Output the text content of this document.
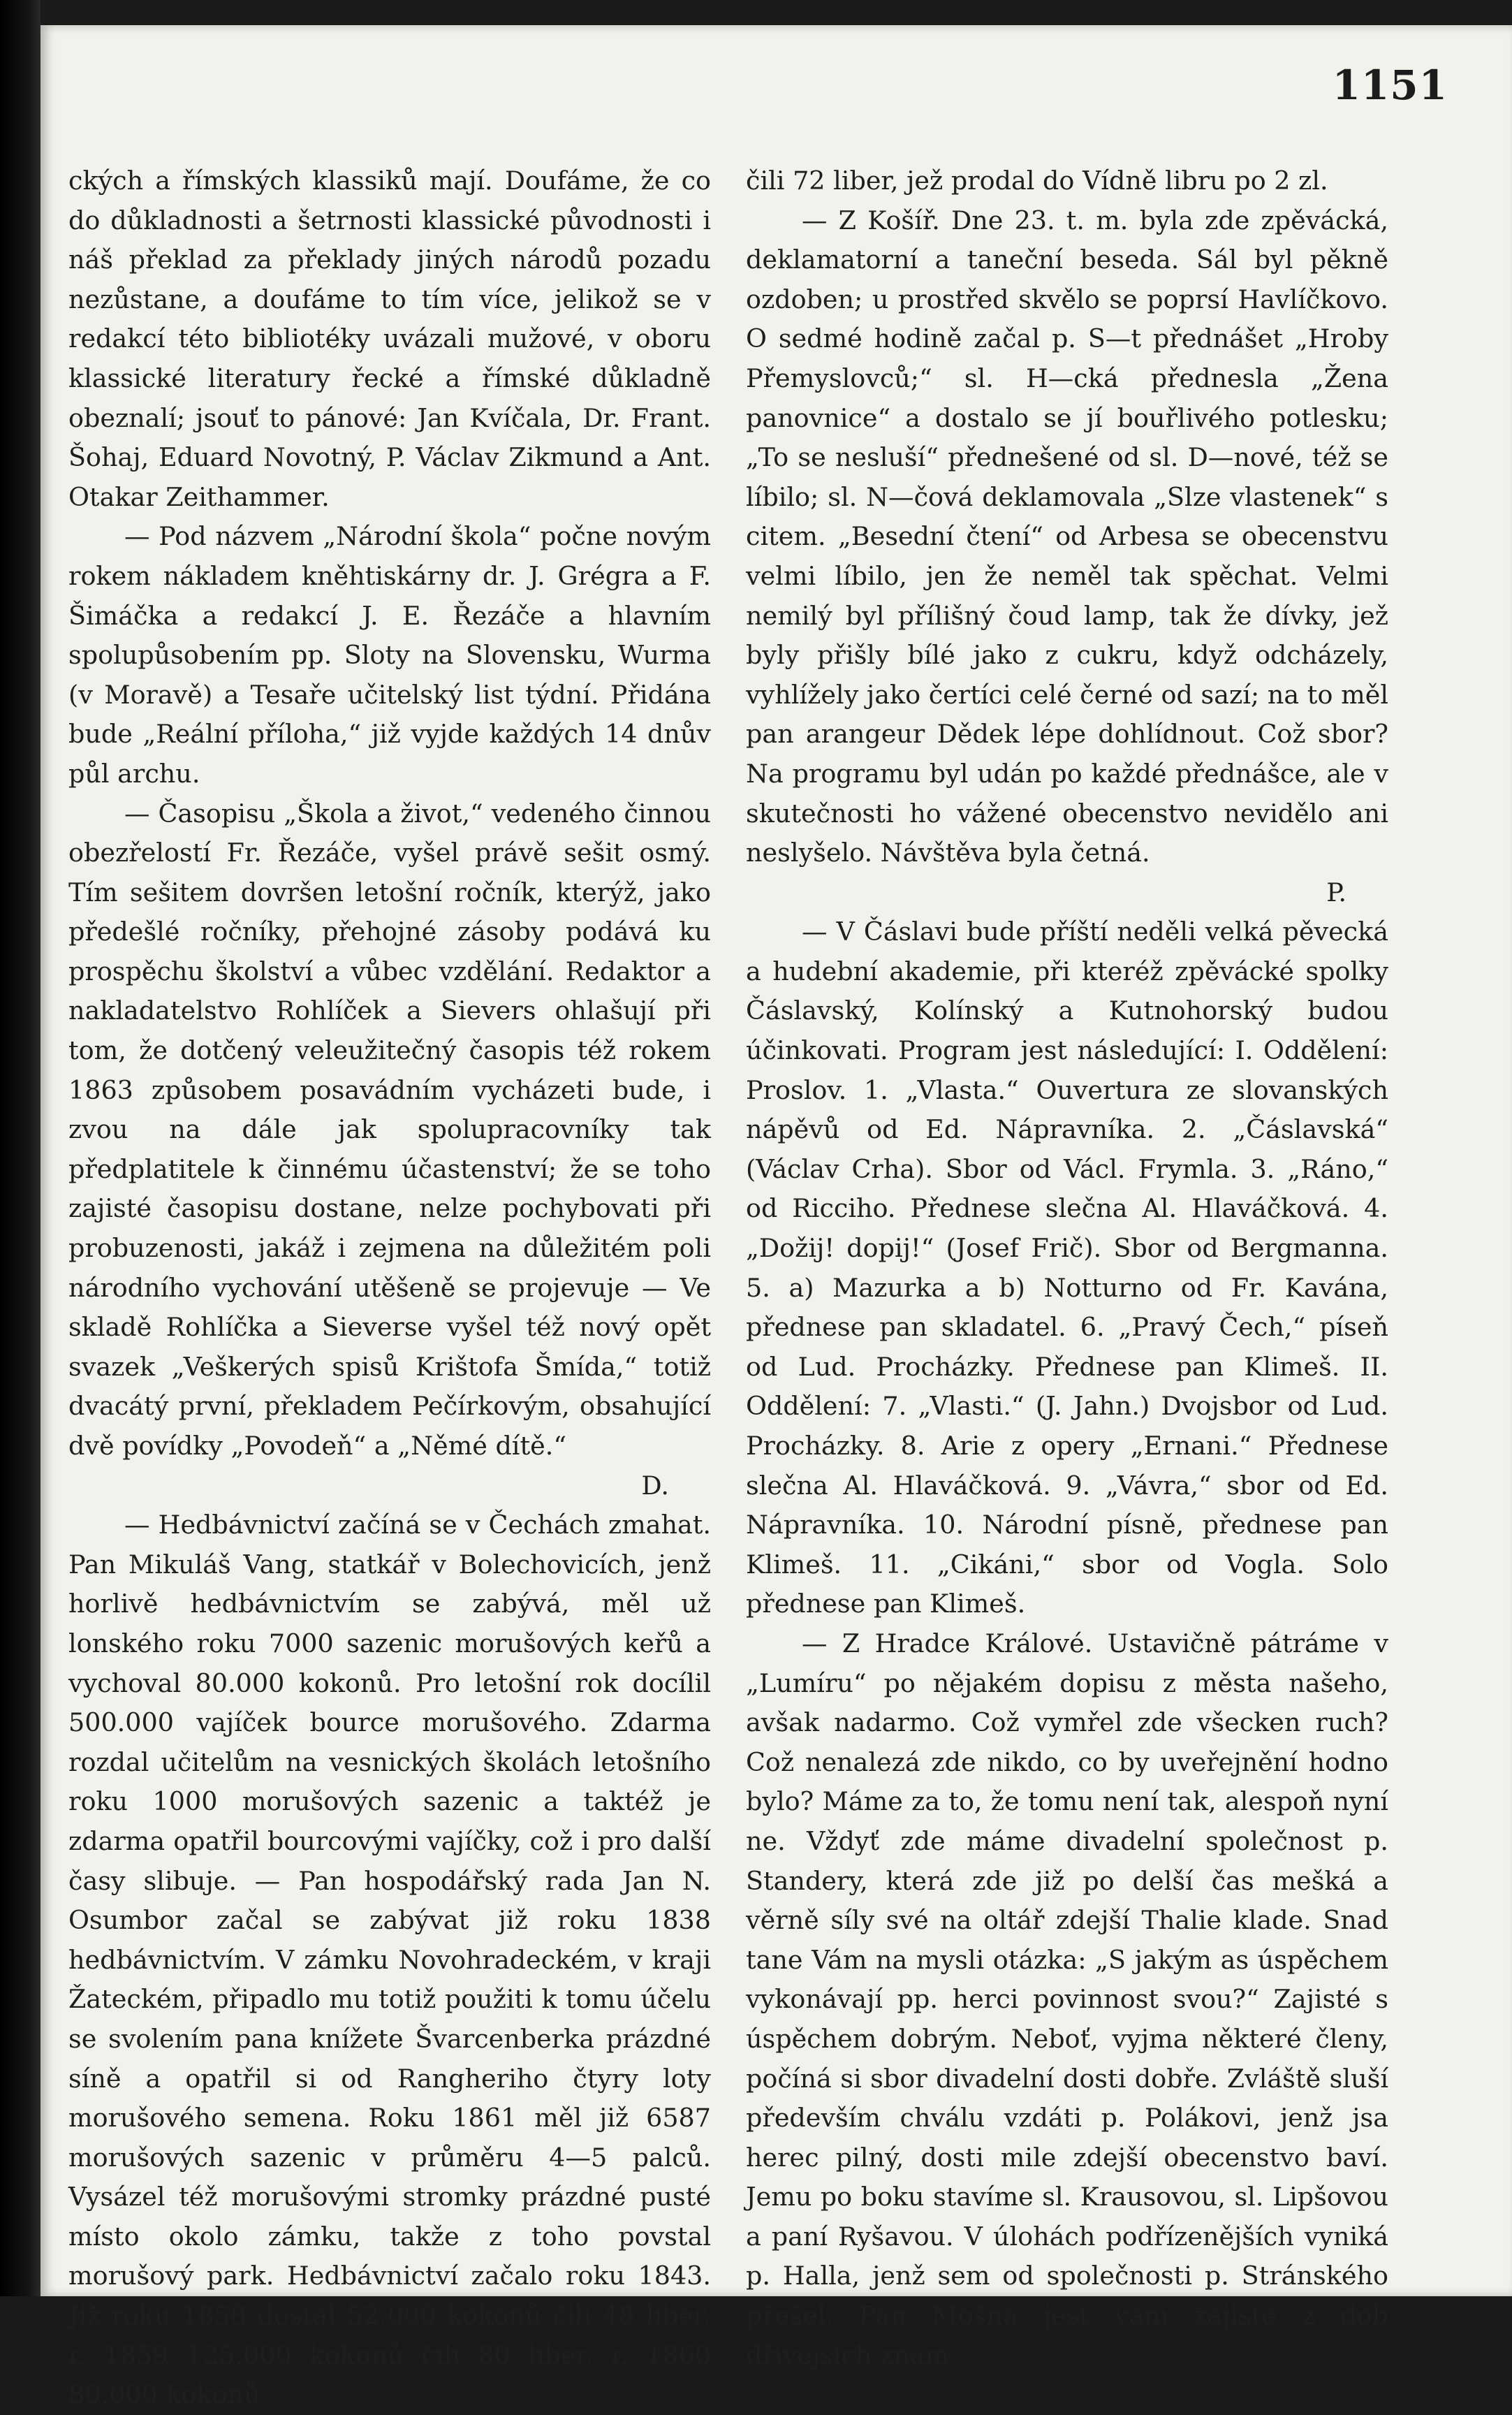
1151

ckých a římských klassiků mají. Doufáme, že co do důkladnosti a šetrnosti klassické původnosti i náš překlad za překlady jiných národů pozadu nezůstane, a doufáme to tím více, jelikož se v redakcí této bibliotéky uvázali mužové, v oboru klassické literatury řecké a římské důkladně obeznalí; jsouť to pánové: Jan Kvíčala, Dr. Frant. Šohaj, Eduard Novotný, P. Václav Zikmund a Ant. Otakar Zeithammer.

— Pod názvem „Národní škola“ počne novým rokem nákladem kněhtiskárny dr. J. Grégra a F. Šimáčka a redakcí J. E. Řezáče a hlavním spolupůsobením pp. Sloty na Slovensku, Wurma (v Moravě) a Tesaře učitelský list týdní. Přidána bude „Reální příloha,“ již vyjde každých 14 dnův půl archu.

— Časopisu „Škola a život,“ vedeného činnou obezřelostí Fr. Řezáče, vyšel právě sešit osmý. Tím sešitem dovršen letošní ročník, kterýž, jako předešlé ročníky, přehojné zásoby podává ku prospěchu školství a vůbec vzdělání. Redaktor a nakladatelstvo Rohlíček a Sievers ohlašují při tom, že dotčený veleužitečný časopis též rokem 1863 způsobem posavádním vycházeti bude, i zvou na dále jak spolupracovníky tak předplatitele k činnému účastenství; že se toho zajisté časopisu dostane, nelze pochybovati při probuzenosti, jakáž i zejmena na důležitém poli národního vychování utěšeně se projevuje — Ve skladě Rohlíčka a Sieverse vyšel též nový opět svazek „Veškerých spisů Krištofa Šmída,“ totiž dvacátý první, překladem Pečírkovým, obsahující dvě povídky „Povodeň“ a „Němé dítě.“

D.

— Hedbávnictví začíná se v Čechách zmahat. Pan Mikuláš Vang, statkář v Bolechovicích, jenž horlivě hedbávnictvím se zabývá, měl už lonského roku 7000 sazenic morušových keřů a vychoval 80.000 kokonů. Pro letošní rok docílil 500.000 vajíček bource morušového. Zdarma rozdal učitelům na vesnických školách letošního roku 1000 morušových sazenic a taktéž je zdarma opatřil bourcovými vajíčky, což i pro další časy slibuje. — Pan hospodářský rada Jan N. Osumbor začal se zabývat již roku 1838 hedbávnictvím. V zámku Novohradeckém, v kraji Žateckém, připadlo mu totiž použiti k tomu účelu se svolením pana knížete Švarcenberka prázdné síně a opatřil si od Rangheriho čtyry loty morušového semena. Roku 1861 měl již 6587 morušových sazenic v průměru 4—5 palců. Vysázel též morušovými stromky prázdné pusté místo okolo zámku, takže z toho povstal morušový park. Hedbávnictví začalo roku 1843. Již roku 1858 dostal 52.000 kokonů čili 48 liber, r. 1859 125.000 kokonů čili 80 liber, r. 1860 80.000 kokonů

čili 72 liber, jež prodal do Vídně libru po 2 zl.

— Z Košíř. Dne 23. t. m. byla zde zpěvácká, deklamatorní a taneční beseda. Sál byl pěkně ozdoben; u prostřed skvělo se poprsí Havlíčkovo. O sedmé hodině začal p. S—t přednášet „Hroby Přemyslovců;“ sl. H—cká přednesla „Žena panovnice“ a dostalo se jí bouřlivého potlesku; „To se nesluší“ přednešené od sl. D—nové, též se líbilo; sl. N—čová deklamovala „Slze vlastenek“ s citem. „Besední čtení“ od Arbesa se obecenstvu velmi líbilo, jen že neměl tak spěchat. Velmi nemilý byl přílišný čoud lamp, tak že dívky, jež byly přišly bílé jako z cukru, když odcházely, vyhlížely jako čertíci celé černé od sazí; na to měl pan arangeur Dědek lépe dohlídnout. Což sbor? Na programu byl udán po každé přednášce, ale v skutečnosti ho vážené obecenstvo nevidělo ani neslyšelo. Návštěva byla četná.

P.

— V Čáslavi bude příští neděli velká pěvecká a hudební akademie, při kteréž zpěvácké spolky Čáslavský, Kolínský a Kutnohorský budou účinkovati. Program jest následující: I. Oddělení: Proslov. 1. „Vlasta.“ Ouvertura ze slovanských nápěvů od Ed. Nápravníka. 2. „Čáslavská“ (Václav Crha). Sbor od Václ. Frymla. 3. „Ráno,“ od Ricciho. Přednese slečna Al. Hlaváčková. 4. „Dožij! dopij!“ (Josef Frič). Sbor od Bergmanna. 5. a) Mazurka a b) Notturno od Fr. Kavána, přednese pan skladatel. 6. „Pravý Čech,“ píseň od Lud. Procházky. Přednese pan Klimeš. II. Oddělení: 7. „Vlasti.“ (J. Jahn.) Dvojsbor od Lud. Procházky. 8. Arie z opery „Ernani.“ Přednese slečna Al. Hlaváčková. 9. „Vávra,“ sbor od Ed. Nápravníka. 10. Národní písně, přednese pan Klimeš. 11. „Cikáni,“ sbor od Vogla. Solo přednese pan Klimeš.

— Z Hradce Králové. Ustavičně pátráme v „Lumíru“ po nějakém dopisu z města našeho, avšak nadarmo. Což vymřel zde všecken ruch? Což nenalezá zde nikdo, co by uveřejnění hodno bylo? Máme za to, že tomu není tak, alespoň nyní ne. Vždyť zde máme divadelní společnost p. Standery, která zde již po delší čas mešká a věrně síly své na oltář zdejší Thalie klade. Snad tane Vám na mysli otázka: „S jakým as úspěchem vykonávají pp. herci povinnost svou?“ Zajisté s úspěchem dobrým. Neboť, vyjma některé členy, počíná si sbor divadelní dosti dobře. Zvláště sluší především chválu vzdáti p. Polákovi, jenž jsa herec pilný, dosti mile zdejší obecenstvo baví. Jemu po boku stavíme sl. Krausovou, sl. Lipšovou a paní Ryšavou. V úlohách podřízenějších vyniká p. Halla, jenž sem od společnosti p. Stránského přešel. Pan Mošna jest vám zajisté z dob dřívějších znám,
